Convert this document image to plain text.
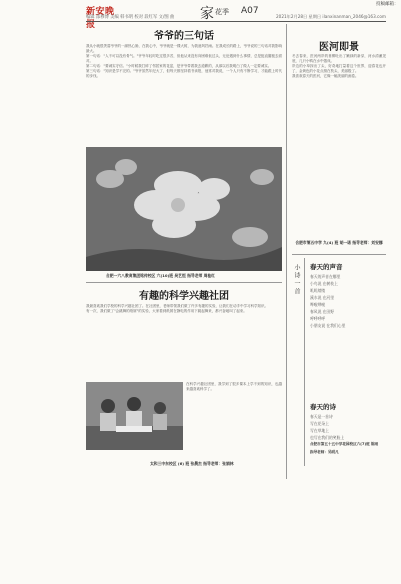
新安晚报
编辑 邵穆博 美编 韩书明 校对 段红军 文/图 曲 家 花季 A07
2021年2月28日 星期日 ilanxinanman_2046@163.com
投稿邮箱：
爷爷的三句话

我从小就很羡慕爷爷的一副热心肠，在我心中，爷爷就是一棵大树，为我遮风挡雨。在我成长的路上，爷爷说的三句话对我影响最大。

第一句话："人不可以没有骨气。"爷爷年轻时吃过很多苦，但他从来没有向困难低过头，无论遇到什么事情，总是挺直腰板去面对。

第二句话："要诚实守信。"小时候我打碎了邻居家的花盆，是爷爷带着我去道歉的，从那以后我明白了做人一定要诚实。

第三句话："知识是学不完的。"爷爷虽然年纪大了，但每天都坚持看书读报，他常对我说，一个人只有不断学习，才能跟上时代的步伐。

合肥一六八教育集团铭传校区 六(10)班 吴艺恒 指导老师 周桂红
有趣的科学兴趣社团

我最喜欢我们学校的科学兴趣社团了。在社团里，老师带领我们做了许多有趣的实验，让我们在动手中学习科学知识。

有一次，我们做了"会跳舞的纸屑"的实验，大家看到纸屑在静电的作用下跳起舞来，都兴奋地叫了起来。

在科学兴趣社团里，我学到了很多课本上学不到的知识，也越来越喜欢科学了。

太和三中东校区 (6) 班 张晨杰 指导老师：张娟林
医河即景

冬去春来，医河两岸的垂柳吐出了嫩绿的新芽，河水清澈见底，几只小鸭在水中嬉戏。

岸边的小草探出了头，好奇地打量着这个世界，迎春花也开了，金黄色的小花点缀在枝头，美丽极了。

我喜欢春天的医河，它像一幅美丽的画卷。

合肥市第五中学 九(4) 班 胡一诺 指导老师：刘安娜
小诗一首 春天的声音
春天的声音在哪里
小鸟说 在树枝上
叽叽喳喳
溪水说 在河里
哗啦哗啦
春风说 在田野
呼呼呼呼
小朋友说 在我们心里
春天的诗
春天是一首诗
写在花朵上
写在草地上
也写在我们的笑脸上
合肥市第五十五中学花园校区六(7)班 陈雨
指导老师：吴明凡
